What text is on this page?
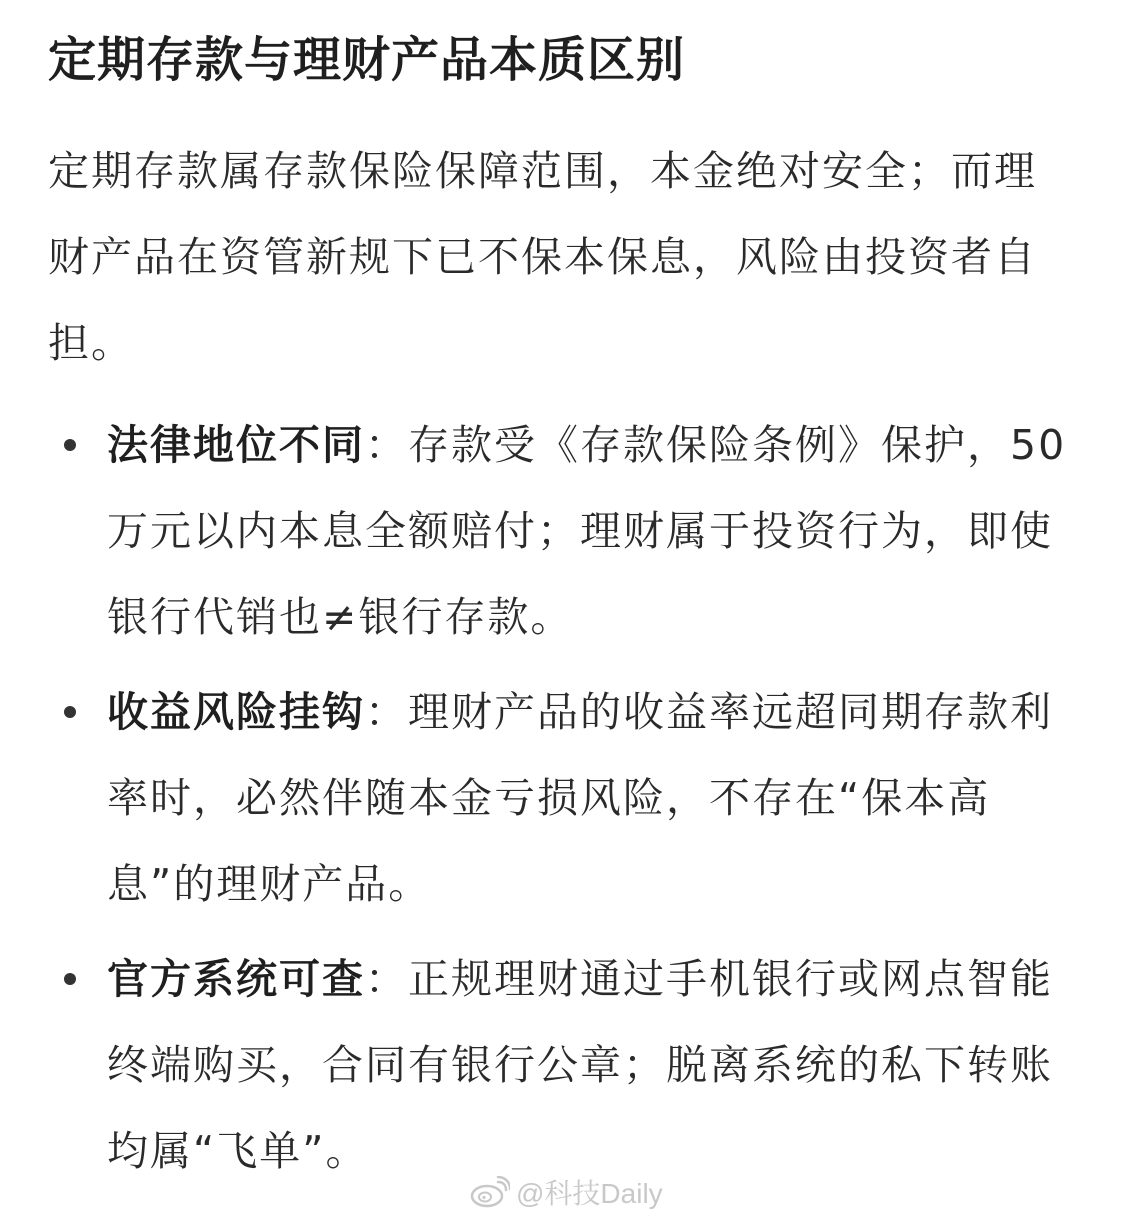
定期存款与理财产品本质区别

定期存款属存款保险保障范围，本金绝对安全；而理财产品在资管新规下已不保本保息，风险由投资者自担。

法律地位不同：存款受《存款保险条例》保护，50万元以内本息全额赔付；理财属于投资行为，即使银行代销也≠银行存款。
收益风险挂钩：理财产品的收益率远超同期存款利率时，必然伴随本金亏损风险，不存在“保本高息”的理财产品。
官方系统可查：正规理财通过手机银行或网点智能终端购买，合同有银行公章；脱离系统的私下转账均属“飞单”。
@科技Daily
